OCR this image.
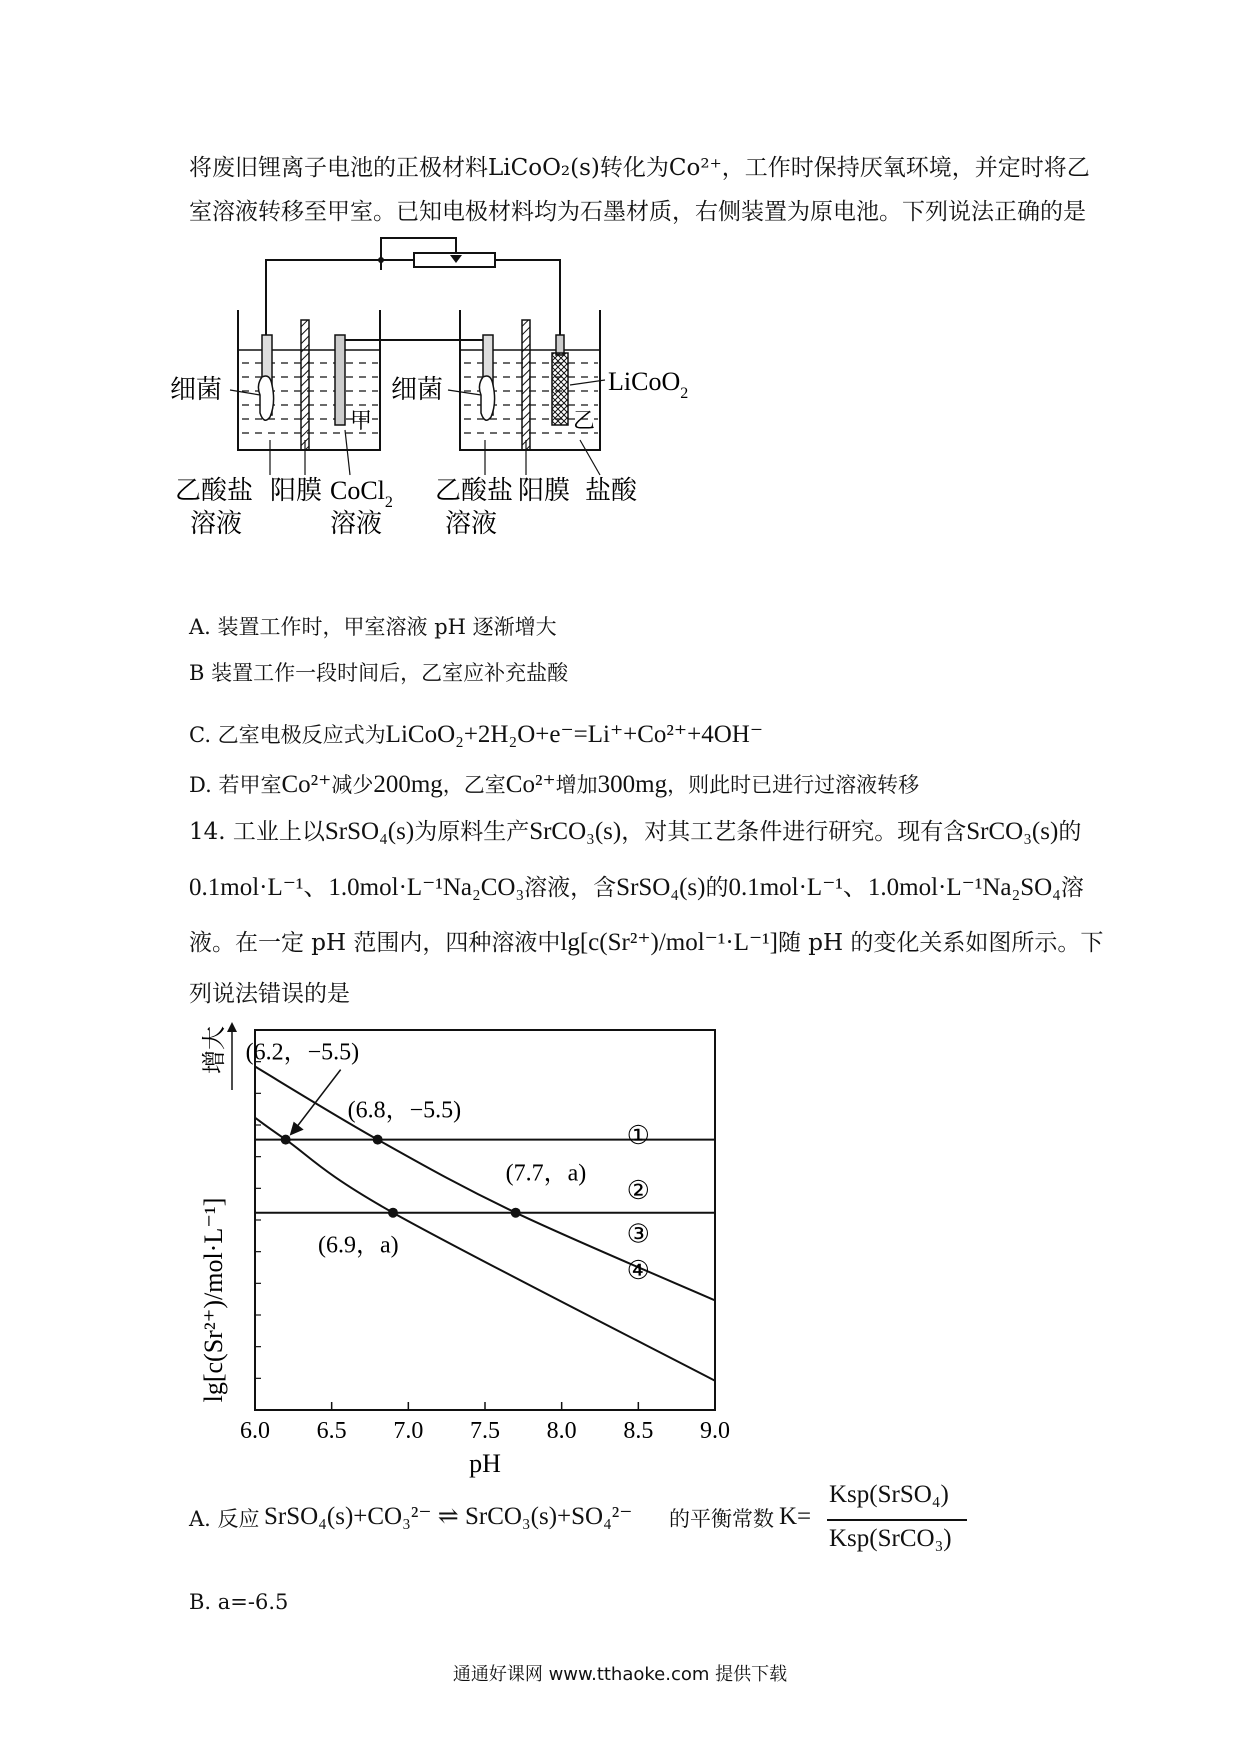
将废旧锂离子电池的正极材料LiCoO₂(s)转化为Co²⁺，工作时保持厌氧环境，并定时将乙
室溶液转移至甲室。已知电极材料均为石墨材质，右侧装置为原电池。下列说法正确的是
细菌	细菌	LiCoO$_2$
甲	乙
乙酸盐
溶液
阳膜 CoCl$_2$
溶液
乙酸盐
溶液
阳膜 盐酸
A. 装置工作时，甲室溶液 pH 逐渐增大
B 装置工作一段时间后，乙室应补充盐酸
C. 乙室电极反应式为LiCoO₂+2H₂O+e⁻=Li⁺+Co²⁺+4OH⁻
D. 若甲室Co²⁺减少200mg，乙室Co²⁺增加300mg，则此时已进行过溶液转移
14. 工业上以SrSO₄(s)为原料生产SrCO₃(s)，对其工艺条件进行研究。现有含SrCO₃(s)的
0.1mol·L⁻¹、1.0mol·L⁻¹Na₂CO₃溶液，含SrSO₄(s)的0.1mol·L⁻¹、1.0mol·L⁻¹Na₂SO₄溶
液。在一定 pH 范围内，四种溶液中lg[c(Sr²⁺)/mol⁻¹·L⁻¹]随 pH 的变化关系如图所示。下
列说法错误的是
6.0 6.5 7.0 7.5 8.0 8.5 9.0
pH
lg[c(Sr²⁺)/mol·L⁻¹]
增大
①
②
③
④
(6.2，−5.5)
(6.8，−5.5)
(7.7，a)
(6.9，a)
A. 反应 SrSO₄(s)+CO₃²⁻ ⇌ SrCO₃(s)+SO₄²⁻ 的平衡常数 K=
Ksp(SrSO₄)
Ksp(SrCO₃)
B. a=-6.5
通通好课网 www.tthaoke.com 提供下载
